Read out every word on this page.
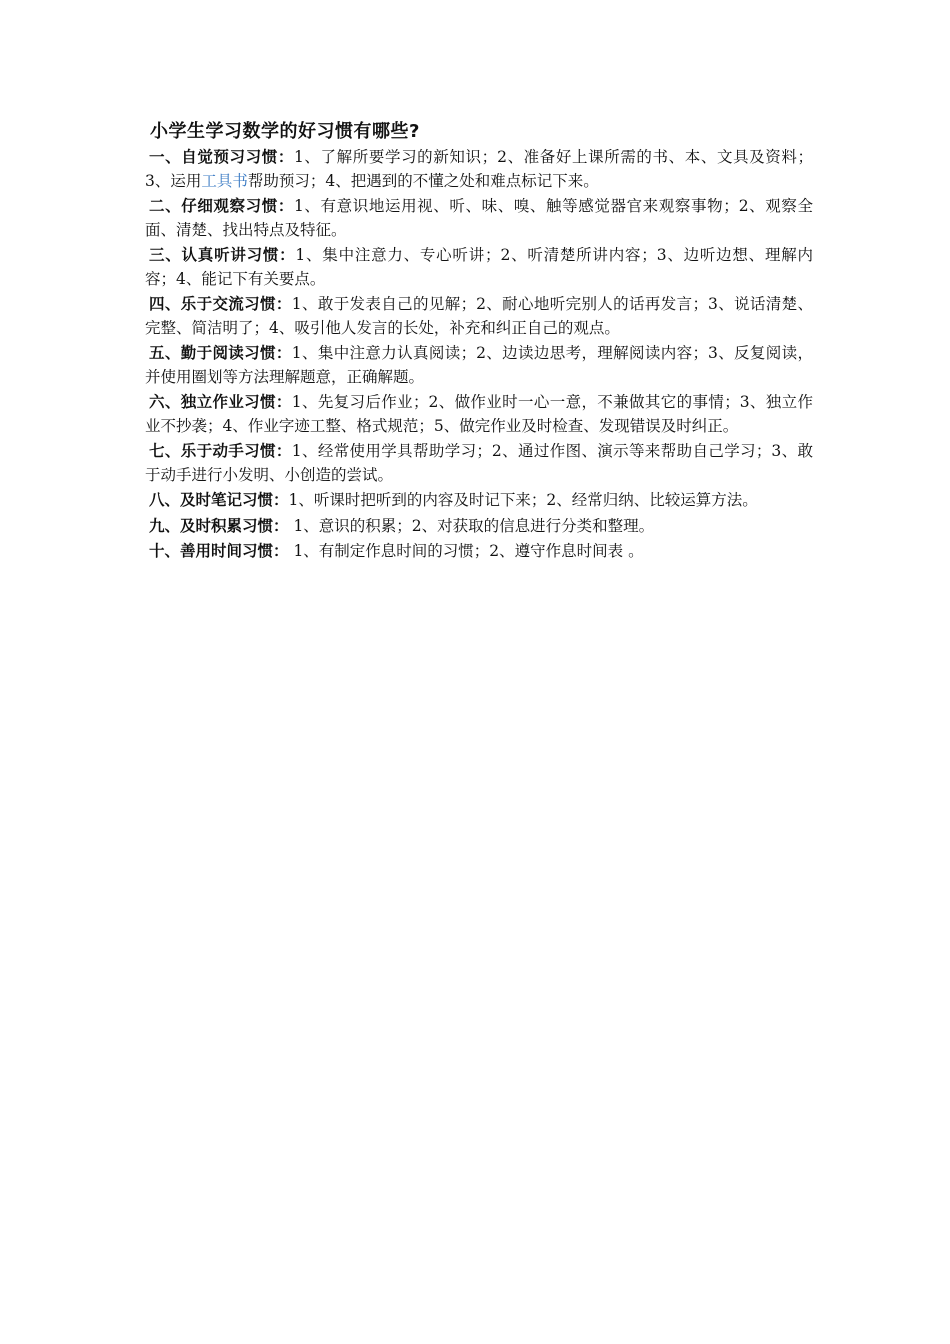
小学生学习数学的好习惯有哪些?

一、自觉预习习惯：1、了解所要学习的新知识；2、准备好上课所需的书、本、文具及资料；3、运用工具书帮助预习；4、把遇到的不懂之处和难点标记下来。

二、仔细观察习惯：1、有意识地运用视、听、味、嗅、触等感觉器官来观察事物；2、观察全面、清楚、找出特点及特征。

三、认真听讲习惯：1、集中注意力、专心听讲；2、听清楚所讲内容；3、边听边想、理解内容；4、能记下有关要点。

四、乐于交流习惯：1、敢于发表自己的见解；2、耐心地听完别人的话再发言；3、说话清楚、完整、简洁明了；4、吸引他人发言的长处，补充和纠正自己的观点。

五、勤于阅读习惯：1、集中注意力认真阅读；2、边读边思考，理解阅读内容；3、反复阅读，并使用圈划等方法理解题意，正确解题。

六、独立作业习惯：1、先复习后作业；2、做作业时一心一意，不兼做其它的事情；3、独立作业不抄袭；4、作业字迹工整、格式规范；5、做完作业及时检查、发现错误及时纠正。

七、乐于动手习惯：1、经常使用学具帮助学习；2、通过作图、演示等来帮助自己学习；3、敢于动手进行小发明、小创造的尝试。

八、及时笔记习惯：1、听课时把听到的内容及时记下来；2、经常归纳、比较运算方法。

九、及时积累习惯： 1、意识的积累；2、对获取的信息进行分类和整理。

十、善用时间习惯： 1、有制定作息时间的习惯；2、遵守作息时间表 。
